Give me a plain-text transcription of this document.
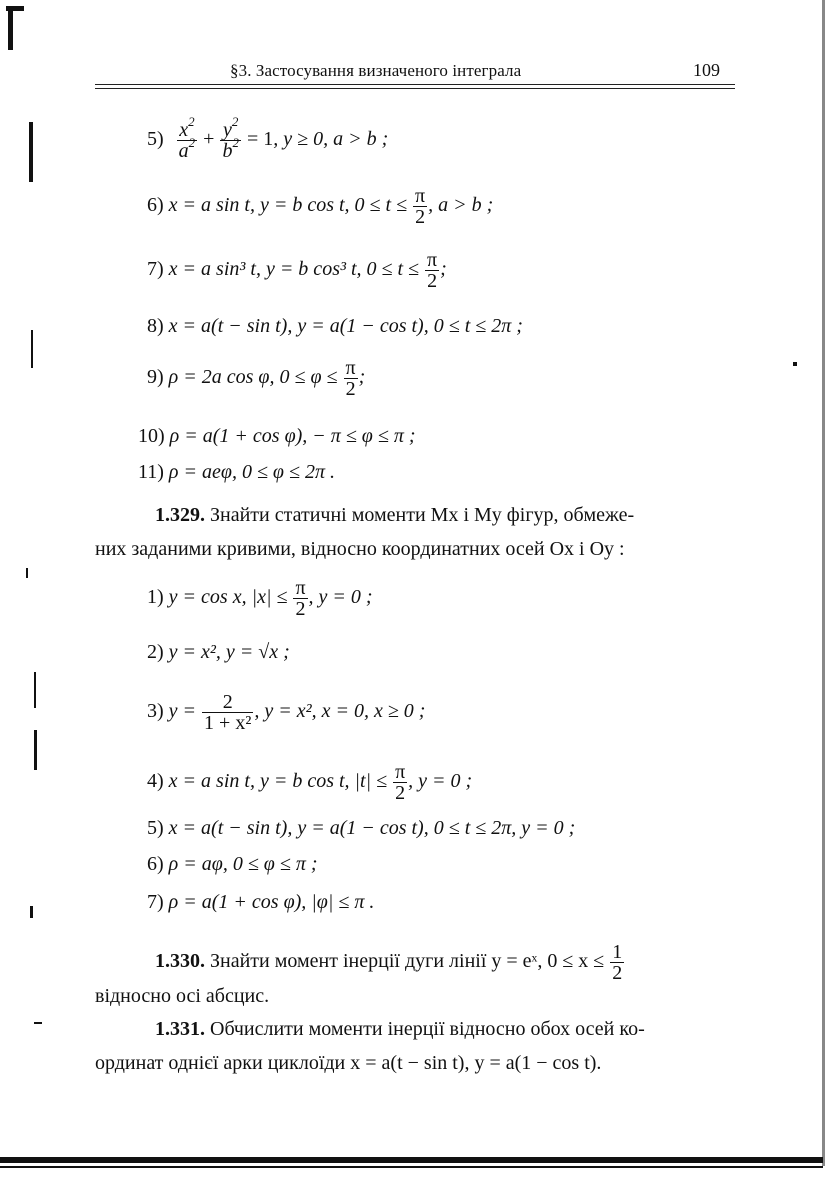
§3. Застосування визначеного інтеграла	109
$5) \frac{x^2}{a^2} + \frac{y^2}{b^2} = 1$, y ≥ 0, a > b ;
6) x = a sin t, y = b cos t, $0 \le t \le \frac{\pi}{2}$ , a > b ;
7) x = a sin³ t, y = b cos³ t, $0 \le t \le \frac{\pi}{2}$ ;
8) x = a(t − sin t), y = a(1 − cos t), 0 ≤ t ≤ 2π ;
9) ρ = 2a cos φ, $0 \le \varphi \le \frac{\pi}{2}$ ;
10) ρ = a(1 + cos φ), − π ≤ φ ≤ π ;
11) ρ = aeφ, 0 ≤ φ ≤ 2π .
1.329. Знайти статичні моменти Mx і My фігур, обмеже-
них заданими кривими, відносно координатних осей Ox і Oy :
1) y = cos x, $|x| \le \frac{\pi}{2}$ , y = 0 ;
2) y = x², y = √x ;
3) $y = \frac{2}{\text{1 + x²}}$ , y = x², x = 0, x ≥ 0 ;
4) x = a sin t, y = b cos t, $|t| \le \frac{\pi}{2}$ , y = 0 ;
5) x = a(t − sin t), y = a(1 − cos t), 0 ≤ t ≤ 2π, y = 0 ;
6) ρ = aφ, 0 ≤ φ ≤ π ;
7) ρ = a(1 + cos φ), |φ| ≤ π .
1.330. Знайти момент інерції дуги лінії y = eˣ, $0 \le x \le \frac{1}{2}$
відносно осі абсцис.
1.331. Обчислити моменти інерції відносно обох осей ко-
ординат однієї арки циклоїди x = a(t − sin t), y = a(1 − cos t).
